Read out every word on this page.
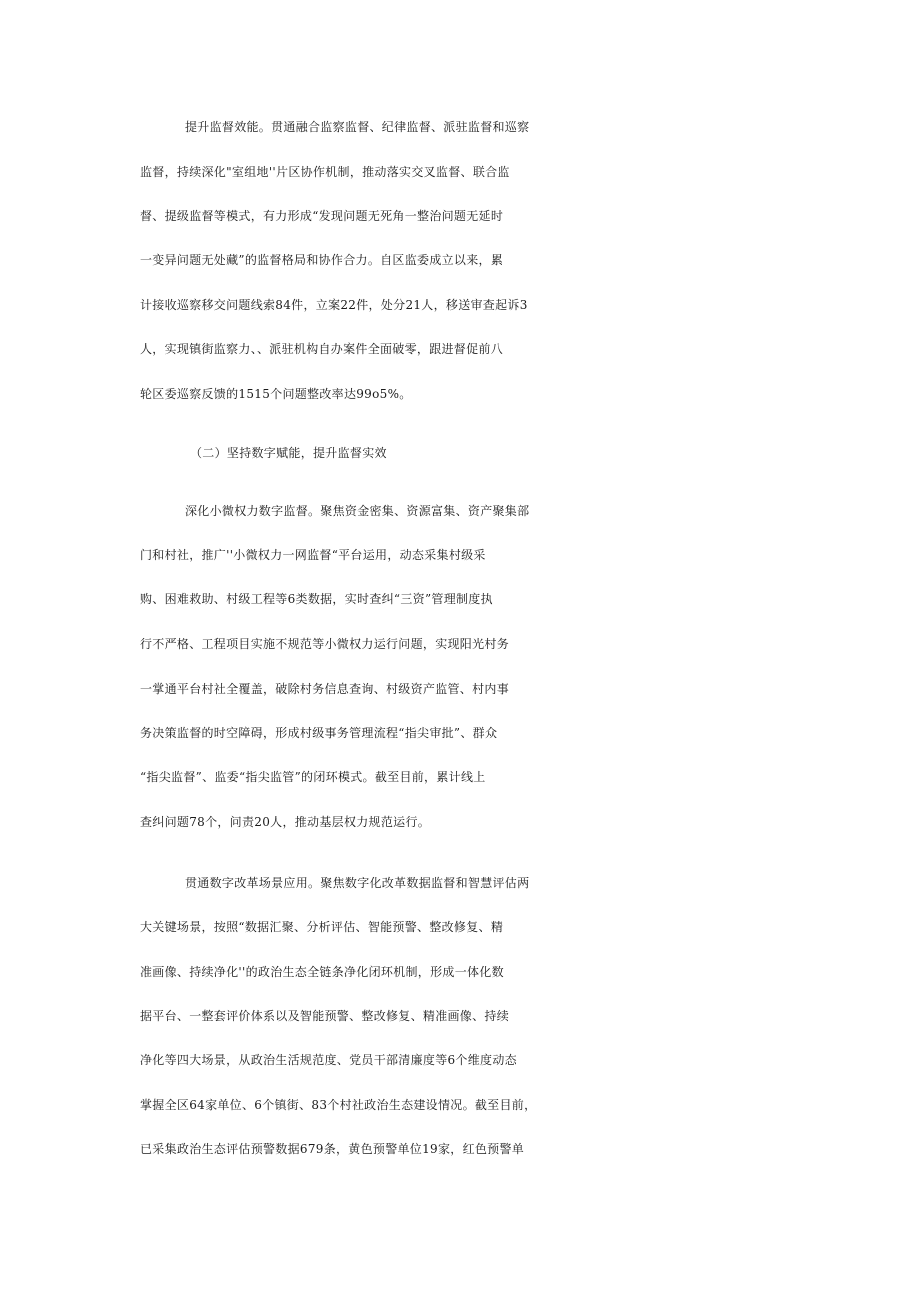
提升监督效能。贯通融合监察监督、纪律监督、派驻监督和巡察
监督，持续深化"室组地''片区协作机制，推动落实交叉监督、联合监
督、提级监督等模式，有力形成“发现问题无死角一整治问题无延时
一变异问题无处藏”的监督格局和协作合力。自区监委成立以来，累
计接收巡察移交问题线索84件，立案22件，处分21人，移送审查起诉3
人，实现镇街监察力、、派驻机构自办案件全面破零，跟进督促前八
轮区委巡察反馈的1515个问题整改率达99o5%。
（二）坚持数字赋能，提升监督实效
深化小微权力数字监督。聚焦资金密集、资源富集、资产聚集部
门和村社，推广''小微权力一网监督“平台运用，动态采集村级采
购、困难救助、村级工程等6类数据，实时查纠“三资”管理制度执
行不严格、工程项目实施不规范等小微权力运行问题，实现阳光村务
一掌通平台村社全覆盖，破除村务信息查询、村级资产监管、村内事
务决策监督的时空障碍，形成村级事务管理流程“指尖审批”、群众
“指尖监督”、监委“指尖监管”的闭环模式。截至目前，累计线上
查纠问题78个，问责20人，推动基层权力规范运行。
贯通数字改革场景应用。聚焦数字化改革数据监督和智慧评估两
大关键场景，按照“数据汇聚、分析评估、智能预警、整改修复、精
准画像、持续净化''的政治生态全链条净化闭环机制，形成一体化数
据平台、一整套评价体系以及智能预警、整改修复、精准画像、持续
净化等四大场景，从政治生活规范度、党员干部清廉度等6个维度动态
掌握全区64家单位、6个镇街、83个村社政治生态建设情况。截至目前，
已采集政治生态评估预警数据679条，黄色预警单位19家，红色预警单
